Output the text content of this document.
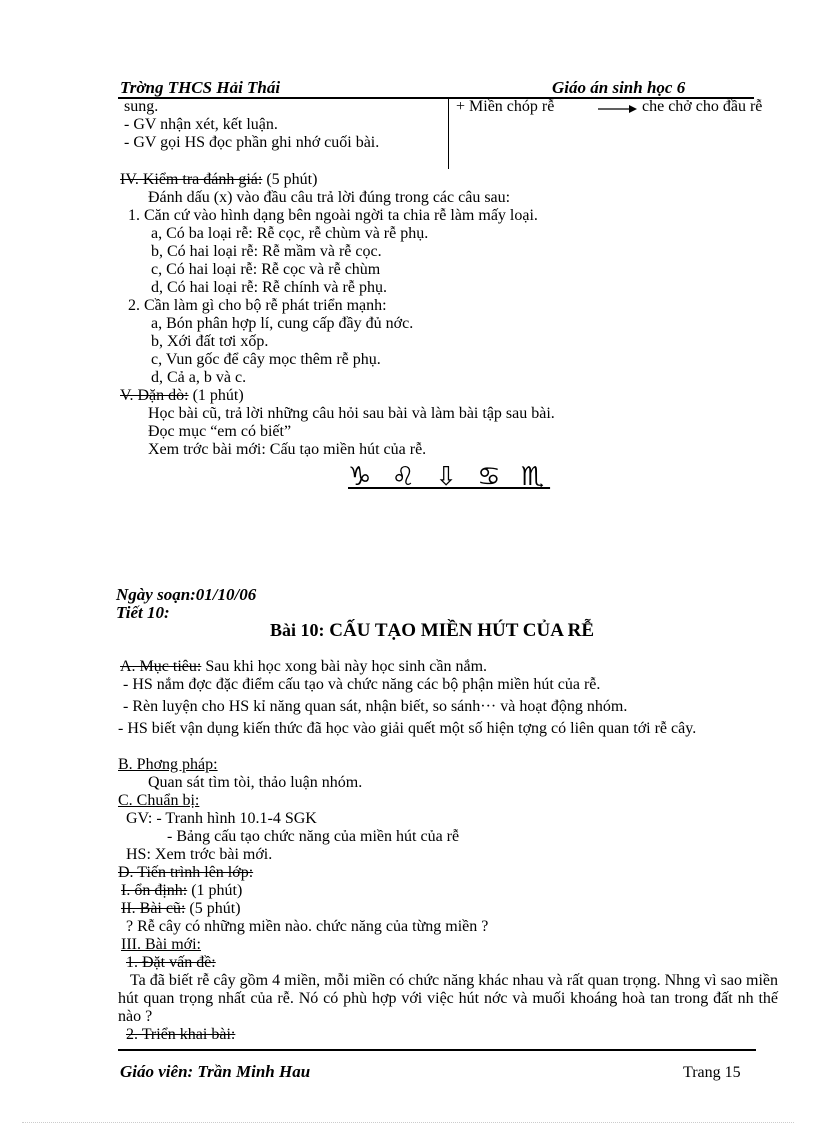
Trờng THCS Hải Thái	Giáo án sinh học 6
sung.
- GV nhận xét, kết luận.
- GV gọi HS đọc phần ghi nhớ cuối bài.
+ Miền chóp rễ	che chở cho đầu rễ
IV. Kiểm tra đánh giá: (5 phút)
Đánh dấu (x) vào đầu câu trả lời đúng trong các câu sau:
1. Căn cứ vào hình dạng bên ngoài ngời ta chia rễ làm mấy loại.
a, Có ba loại rễ: Rễ cọc, rễ chùm và rễ phụ.
b, Có hai loại rễ: Rễ mầm và rễ cọc.
c, Có hai loại rễ: Rễ cọc và rễ chùm
d, Có hai loại rễ: Rễ chính và rễ phụ.
2. Cần làm gì cho bộ rễ phát triển mạnh:
a, Bón phân hợp lí, cung cấp đầy đủ nớc.
b, Xới đất tơi xốp.
c, Vun gốc để cây mọc thêm rễ phụ.
d, Cả a, b và c.
V. Dặn dò: (1 phút)
Học bài cũ, trả lời những câu hỏi sau bài và làm bài tập sau bài.
Đọc mục “em có biết”
Xem trớc bài mới: Cấu tạo miền hút của rễ.
♑ ♌ ⇩ ♋ ♏
Ngày soạn:01/10/06
Tiết 10:
Bài 10: CẤU TẠO MIỀN HÚT CỦA RỄ
A. Mục tiêu: Sau khi học xong bài này học sinh cần nắm.
- HS nắm đợc đặc điểm cấu tạo và chức năng các bộ phận miền hút của rễ.
- Rèn luyện cho HS kỉ năng quan sát, nhận biết, so sánh··· và hoạt động nhóm.
- HS biết vận dụng kiến thức đã học vào giải quết một số hiện tợng có liên quan tới rễ cây.
B. Phơng pháp:
Quan sát tìm tòi, thảo luận nhóm.
C. Chuẩn bị:
GV: - Tranh hình 10.1-4 SGK
- Bảng cấu tạo chức năng của miền hút của rễ
HS: Xem trớc bài mới.
D. Tiến trình lên lớp:
I. ổn định: (1 phút)
II. Bài cũ: (5 phút)
? Rễ cây có những miền nào. chức năng của từng miền ?
III. Bài mới:
1. Đặt vấn đề:
Ta đã biết rễ cây gồm 4 miền, mỗi miền có chức năng khác nhau và rất quan trọng. Nhng vì sao miền hút quan trọng nhất của rễ. Nó có phù hợp với việc hút nớc và muối khoáng hoà tan trong đất nh thế nào ?
2. Triển khai bài:
Giáo viên: Trần Minh Hau	Trang 15
